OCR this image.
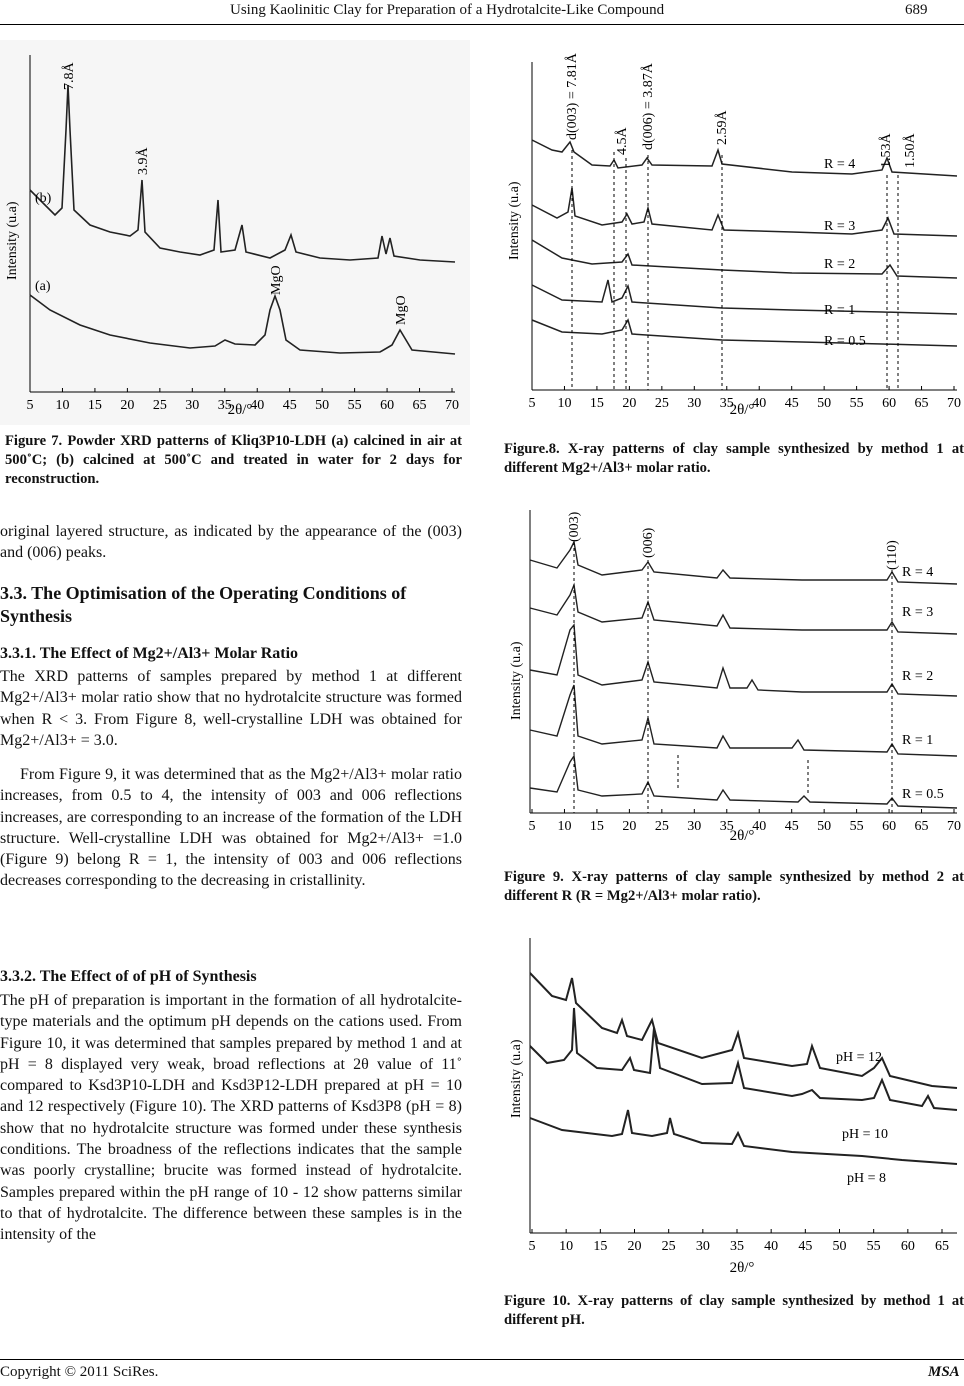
Using Kaolinitic Clay for Preparation of a Hydrotalcite-Like Compound	689
Intensity (u.a)
(b)
(a)
7.8Å
3.9Å
MgO
MgO
5 10 15 20 25 30 35 40 45 50 55 60 65 70
2θ/°
Figure 7. Powder XRD patterns of Kliq3P10-LDH (a) calcined in air at 500˚C; (b) calcined at 500˚C and treated in water for 2 days for reconstruction.
Intensity (u.a)
d(003) = 7.81Å
4.5Å d(006) = 3.87Å	2.59Å
1.53Å 1.50Å
R = 4
R = 3
R = 2
R = 1
R = 0.5
5 10 15 20 25 30 35 40 45 50 55 60 65 70
2θ/°
Figure.8. X-ray patterns of clay sample synthesized by method 1 at different Mg2+/Al3+ molar ratio.
Intensity (u.a)
(003)
(006)	(110)
R = 4
R = 3
R = 2
R = 1
R = 0.5
5 10 15 20 25 30 35 40 45 50 55 60 65 70
2θ/°
Figure 9. X-ray patterns of clay sample synthesized by method 2 at different R (R = Mg2+/Al3+ molar ratio).
Intensity (u.a)	pH = 12
pH = 10
pH = 8
5 10 15 20 25 30 35 40 45 50 55 60 65
2θ/°
Figure 10. X-ray patterns of clay sample synthesized by method 1 at different pH.
original layered structure, as indicated by the appearance of the (003) and (006) peaks.
3.3. The Optimisation of the Operating Conditions of Synthesis
3.3.1. The Effect of Mg2+/Al3+ Molar Ratio
The XRD patterns of samples prepared by method 1 at different Mg2+/Al3+ molar ratio show that no hydrotalcite structure was formed when R < 3. From Figure 8, well-crystalline LDH was obtained for Mg2+/Al3+ = 3.0.
From Figure 9, it was determined that as the Mg2+/Al3+ molar ratio increases, from 0.5 to 4, the intensity of 003 and 006 reflections increases, are corresponding to an increase of the formation of the LDH structure. Well-crystalline LDH was obtained for Mg2+/Al3+ =1.0 (Figure 9) belong R = 1, the intensity of 003 and 006 reflections decreases corresponding to the decreasing in cristallinity.
3.3.2. The Effect of of pH of Synthesis
The pH of preparation is important in the formation of all hydrotalcite-type materials and the optimum pH depends on the cations used. From Figure 10, it was determined that samples prepared by method 1 and at pH = 8 displayed very weak, broad reflections at 2θ value of 11˚ compared to Ksd3P10-LDH and Ksd3P12-LDH prepared at pH = 10 and 12 respectively (Figure 10). The XRD patterns of Ksd3P8 (pH = 8) show that no hydrotalcite structure was formed under these synthesis conditions. The broadness of the reflections indicates that the sample was poorly crystalline; brucite was formed instead of hydrotalcite. Samples prepared within the pH range of 10 - 12 show patterns similar to that of hydrotalcite. The difference between these samples is in the intensity of the
Copyright © 2011 SciRes.	MSA
